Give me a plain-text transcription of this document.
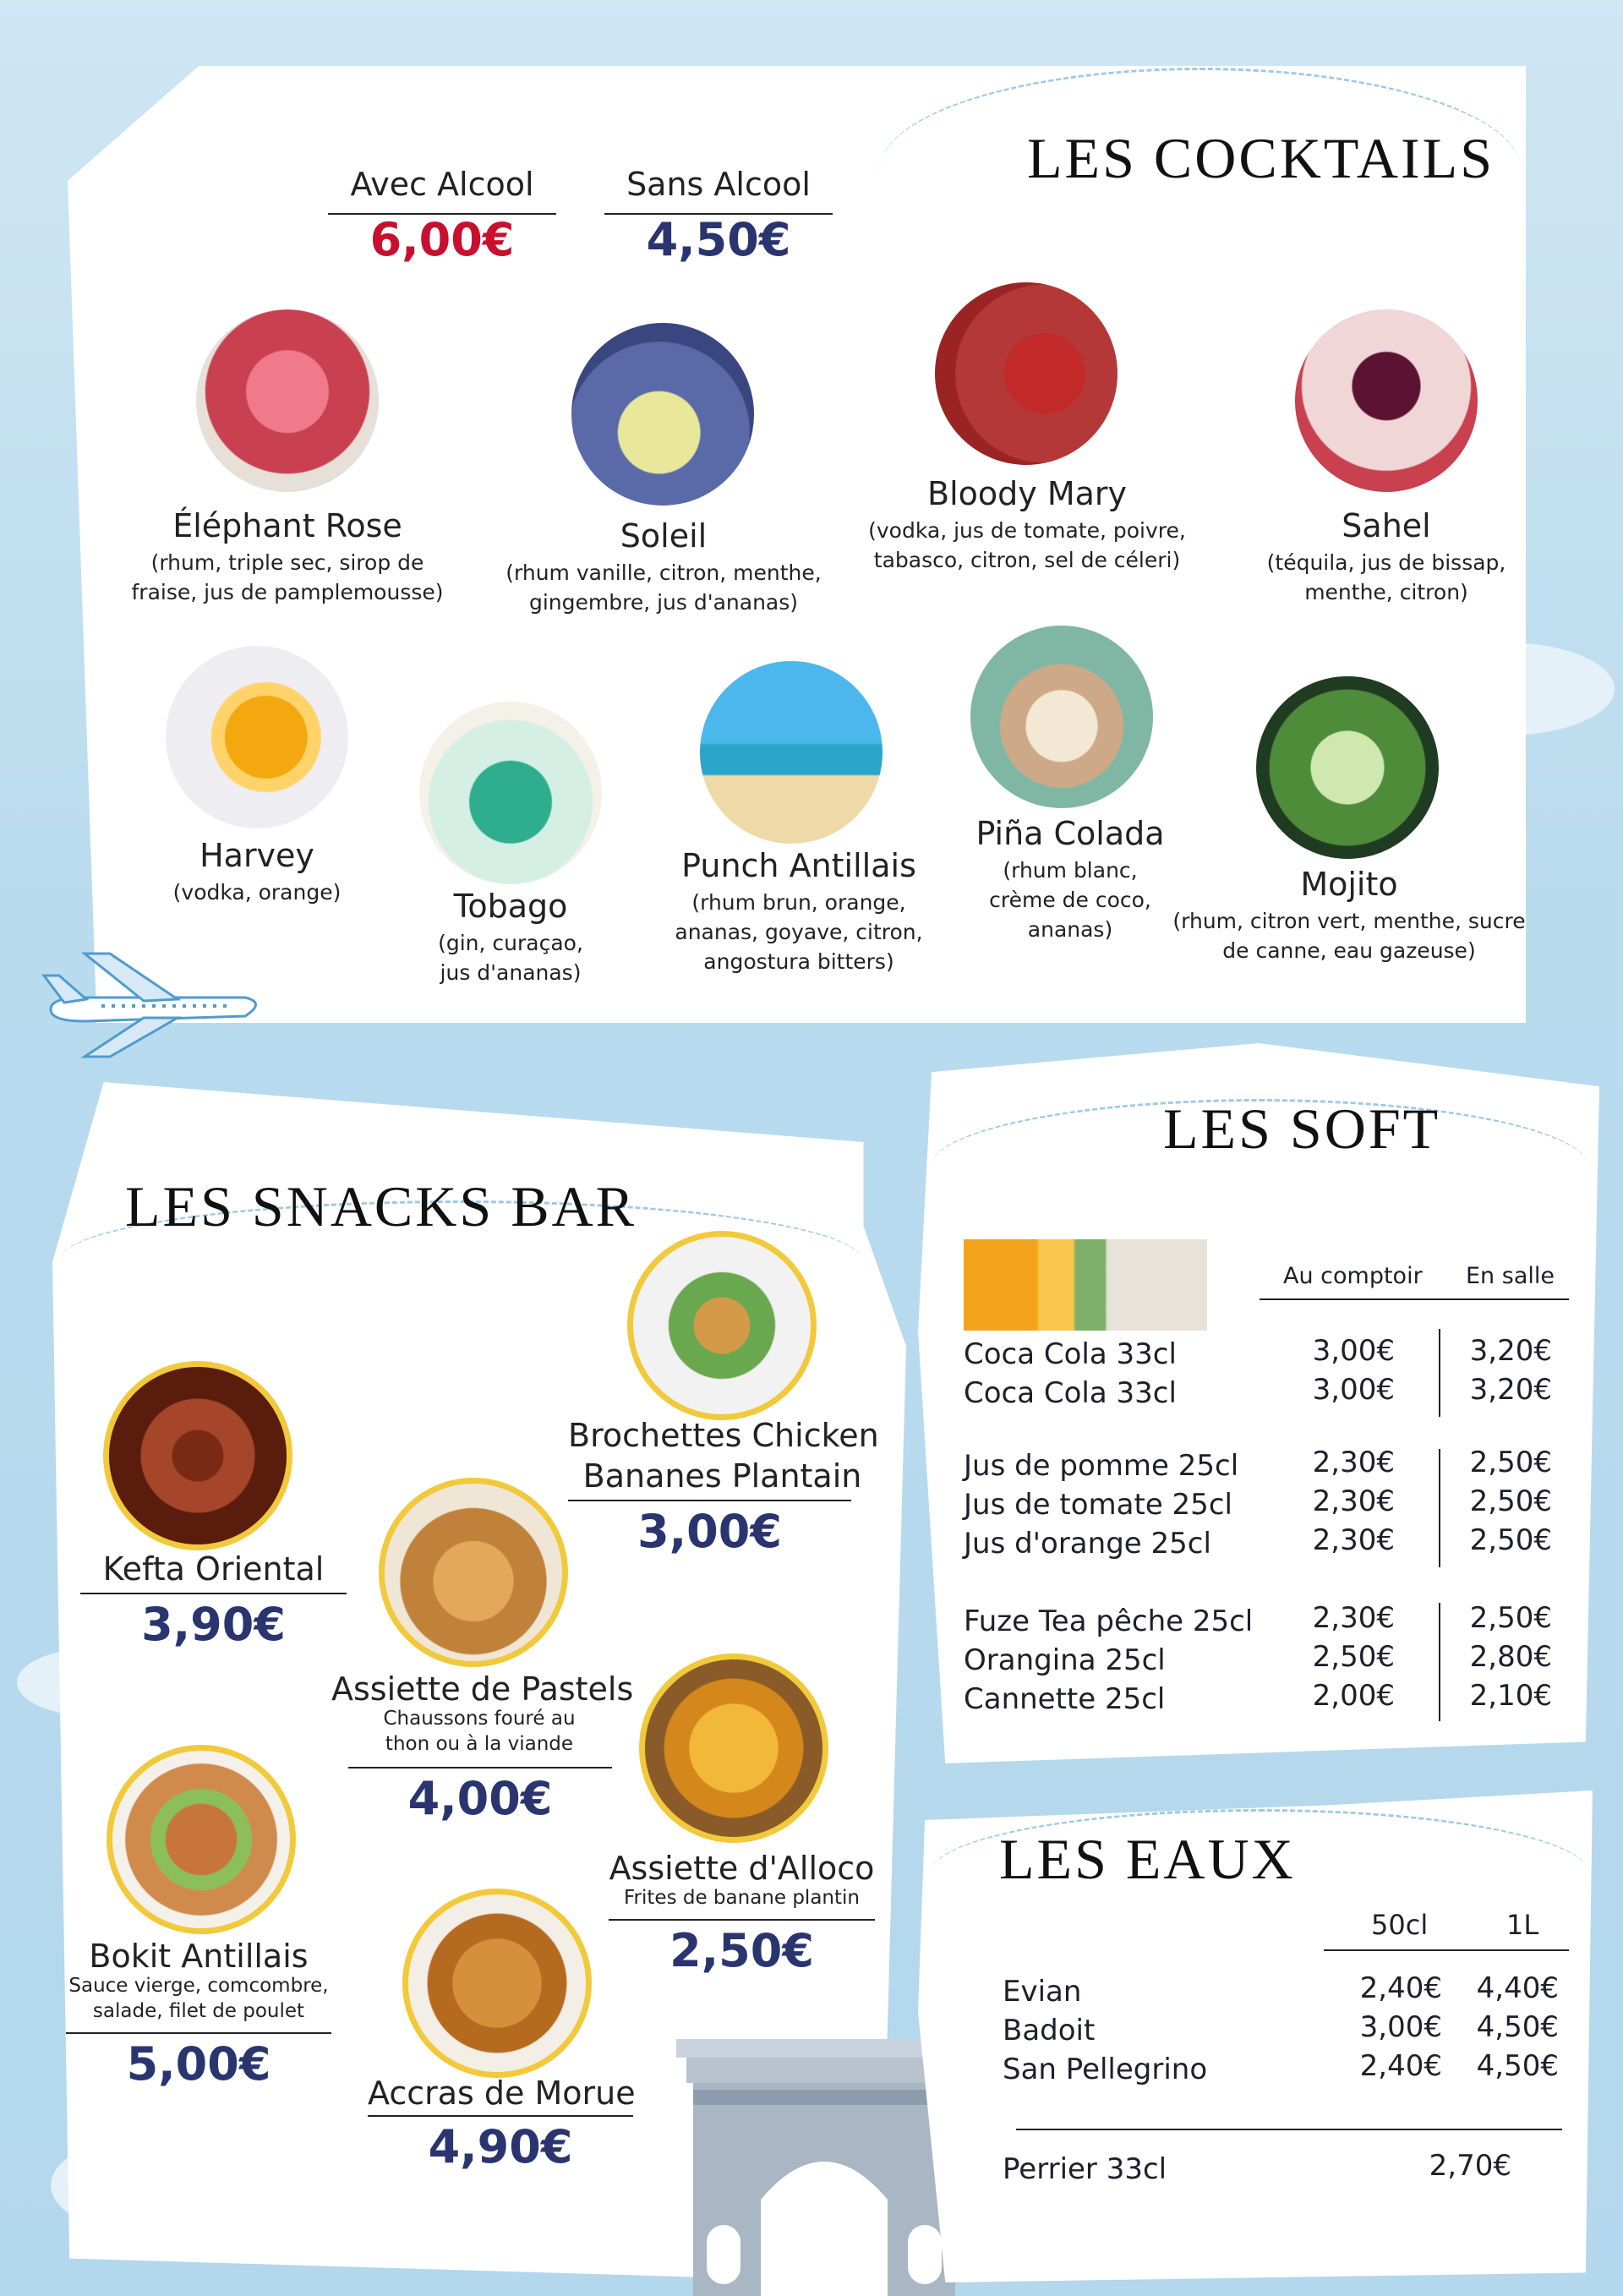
LES COCKTAILS
Avec Alcool
6,00€
Sans Alcool
4,50€
Éléphant Rose
(rhum, triple sec, sirop de fraise, jus de pamplemousse)
Soleil
(rhum vanille, citron, menthe, gingembre, jus d'ananas)
Bloody Mary
(vodka, jus de tomate, poivre, tabasco, citron, sel de céleri)
Sahel
(téquila, jus de bissap, menthe, citron)
Harvey
(vodka, orange)	Tobago
(gin, curaçao, jus d'ananas)
Punch Antillais
(rhum brun, orange, ananas, goyave, citron, angostura bitters)
Piña Colada
(rhum blanc, crème de coco, ananas)
Mojito
(rhum, citron vert, menthe, sucre de canne, eau gazeuse)
LES SNACKS BAR
Kefta Oriental
3,90€
Brochettes Chicken
Bananes Plantain
3,00€
Assiette de Pastels
Chaussons fouré au thon ou à la viande
4,00€
Assiette d'Alloco
Frites de banane plantin
2,50€
Bokit Antillais
Sauce vierge, comcombre, salade, filet de poulet
5,00€
Accras de Morue
4,90€
LES SOFT
Au comptoir En salle
Coca Cola 33cl	3,00€	3,20€
Coca Cola 33cl	3,00€	3,20€
Jus de pomme 25cl	2,30€	2,50€
Jus de tomate 25cl	2,30€	2,50€
Jus d'orange 25cl	2,30€	2,50€
Fuze Tea pêche 25cl	2,30€	2,50€
Orangina 25cl	2,50€	2,80€
Cannette 25cl	2,00€	2,10€
LES EAUX
50cl	1L
Evian	2,40€	4,40€
Badoit	3,00€	4,50€
San Pellegrino	2,40€	4,50€
Perrier 33cl	2,70€
